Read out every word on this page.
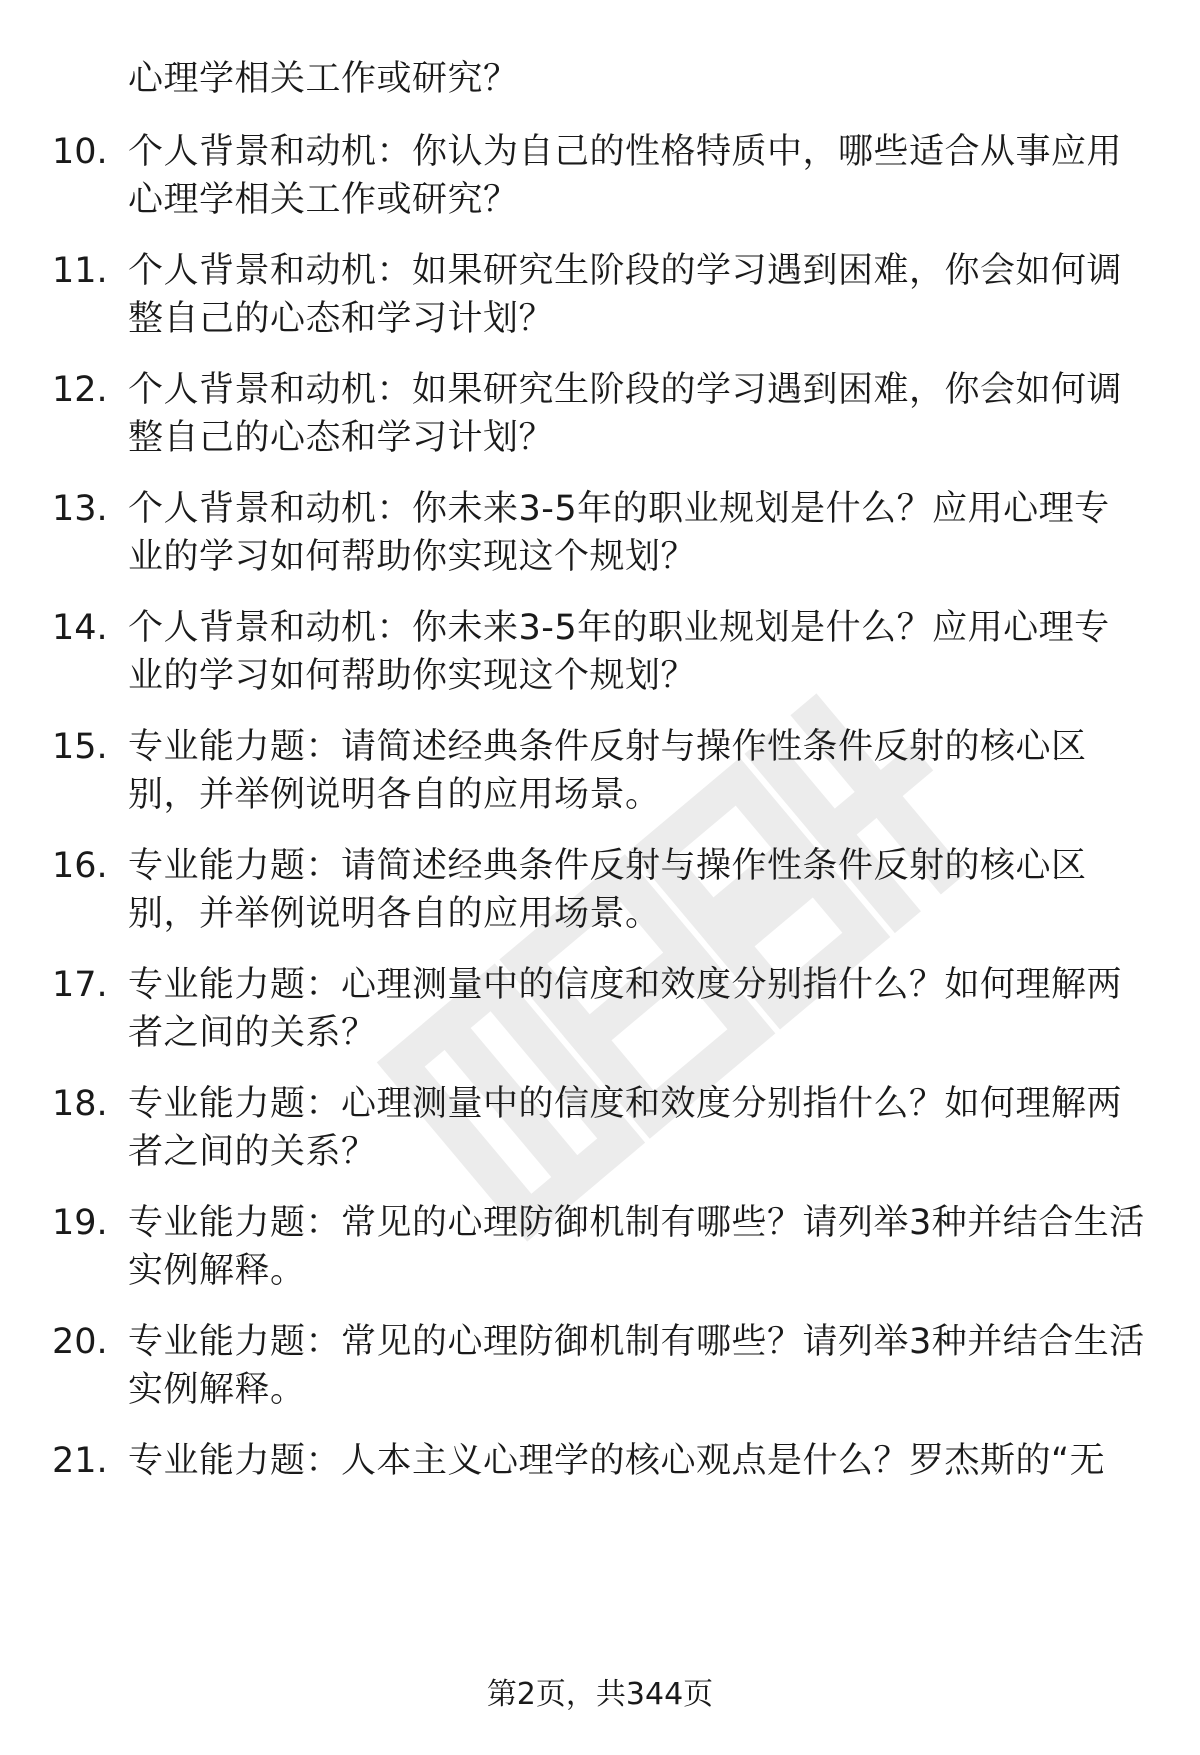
心理学相关工作或研究？
10. 个人背景和动机：你认为自己的性格特质中，哪些适合从事应用
心理学相关工作或研究？
11. 个人背景和动机：如果研究生阶段的学习遇到困难，你会如何调
整自己的心态和学习计划？
12. 个人背景和动机：如果研究生阶段的学习遇到困难，你会如何调
整自己的心态和学习计划？
13. 个人背景和动机：你未来3-5年的职业规划是什么？应用心理专
业的学习如何帮助你实现这个规划？
14. 个人背景和动机：你未来3-5年的职业规划是什么？应用心理专
业的学习如何帮助你实现这个规划？
15. 专业能力题：请简述经典条件反射与操作性条件反射的核心区
别，并举例说明各自的应用场景。
16. 专业能力题：请简述经典条件反射与操作性条件反射的核心区
别，并举例说明各自的应用场景。
17. 专业能力题：心理测量中的信度和效度分别指什么？如何理解两
者之间的关系？
18. 专业能力题：心理测量中的信度和效度分别指什么？如何理解两
者之间的关系？
19. 专业能力题：常见的心理防御机制有哪些？请列举3种并结合生活
实例解释。
20. 专业能力题：常见的心理防御机制有哪些？请列举3种并结合生活
实例解释。
21. 专业能力题：人本主义心理学的核心观点是什么？罗杰斯的“无
第2页，共344页
